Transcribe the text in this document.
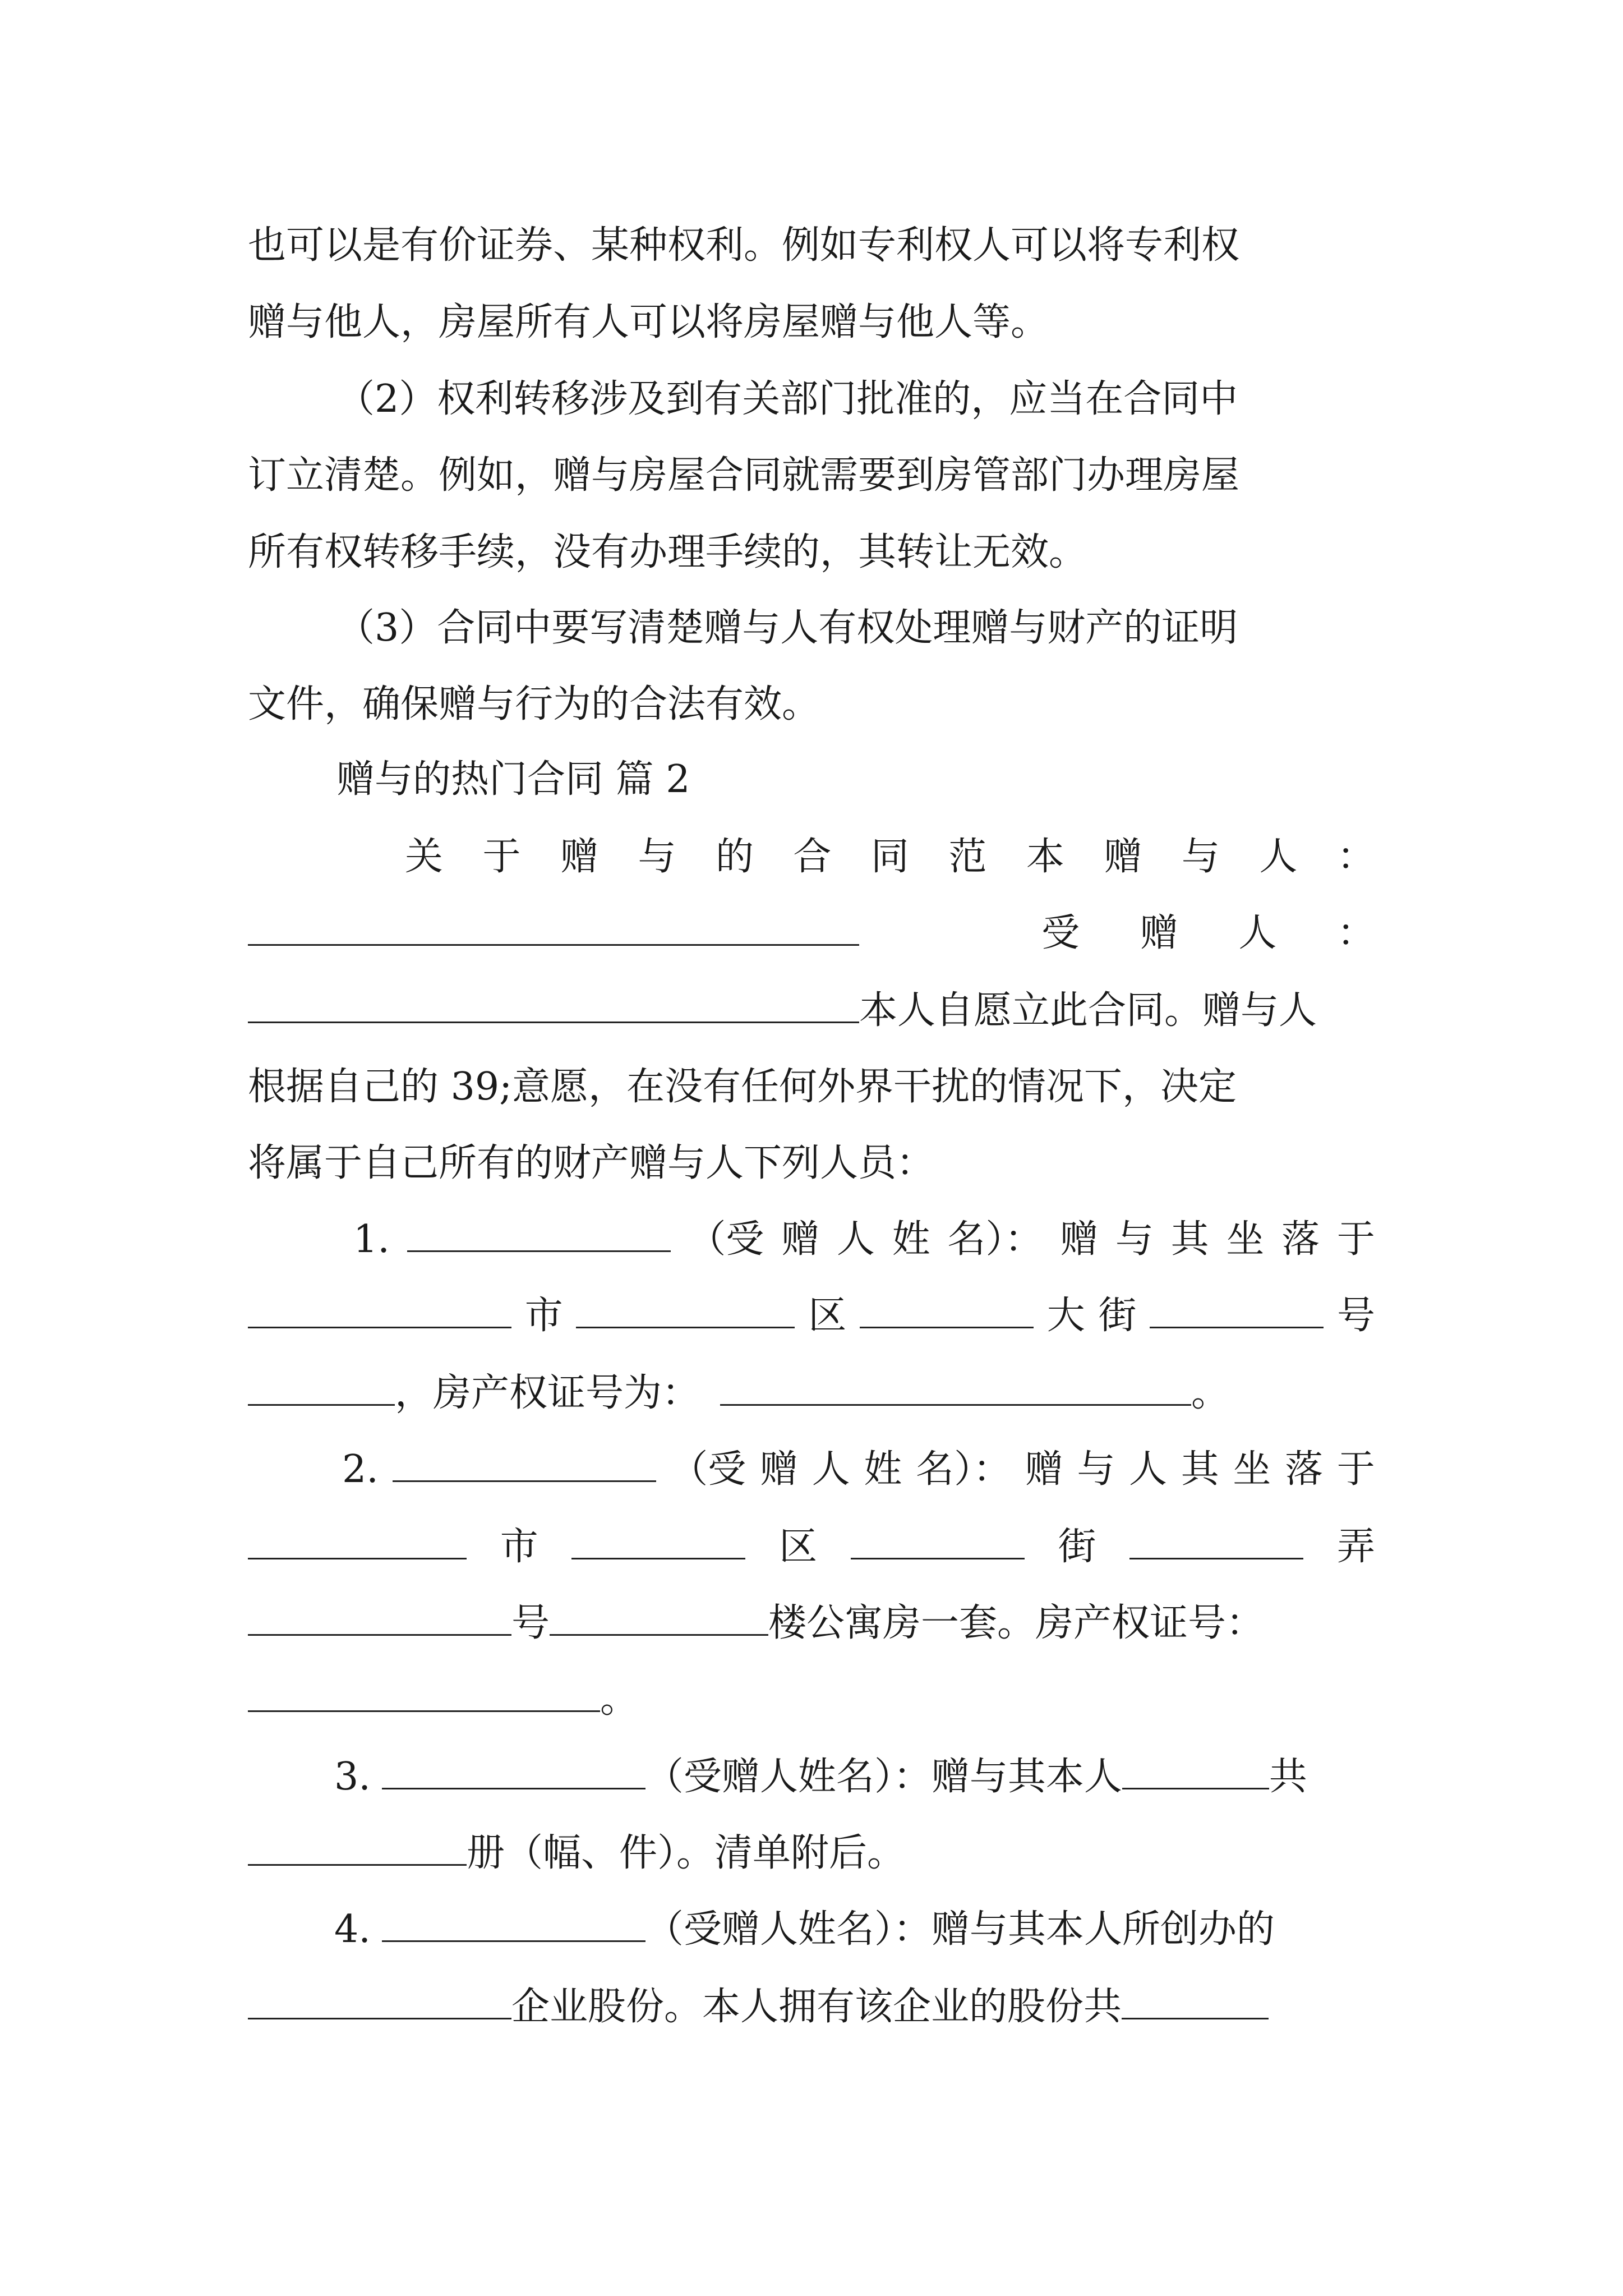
也可以是有价证券、某种权利。例如专利权人可以将专利权
赠与他人，房屋所有人可以将房屋赠与他人等。
（2）权利转移涉及到有关部门批准的，应当在合同中
订立清楚。例如，赠与房屋合同就需要到房管部门办理房屋
所有权转移手续，没有办理手续的，其转让无效。
（3）合同中要写清楚赠与人有权处理赠与财产的证明
文件，确保赠与行为的合法有效。
赠与的热门合同 篇 2
关 于 赠 与 的 合 同 范 本 赠 与 人 ：
受 赠 人 ：
本人自愿立此合同。赠与人
根据自己的 39;意愿，在没有任何外界干扰的情况下，决定
将属于自己所有的财产赠与人下列人员：
1.	（受 赠 人 姓 名）： 赠 与 其 坐 落 于
市	区	大 街	号
，房产权证号为：	。
2.	（受 赠 人 姓 名）： 赠 与 人 其 坐 落 于
市	区	街	弄
号	楼公寓房一套。房产权证号：
。
3.	（受赠人姓名）：赠与其本人	共
册（幅、件）。清单附后。
4.	（受赠人姓名）：赠与其本人所创办的
企业股份。本人拥有该企业的股份共
